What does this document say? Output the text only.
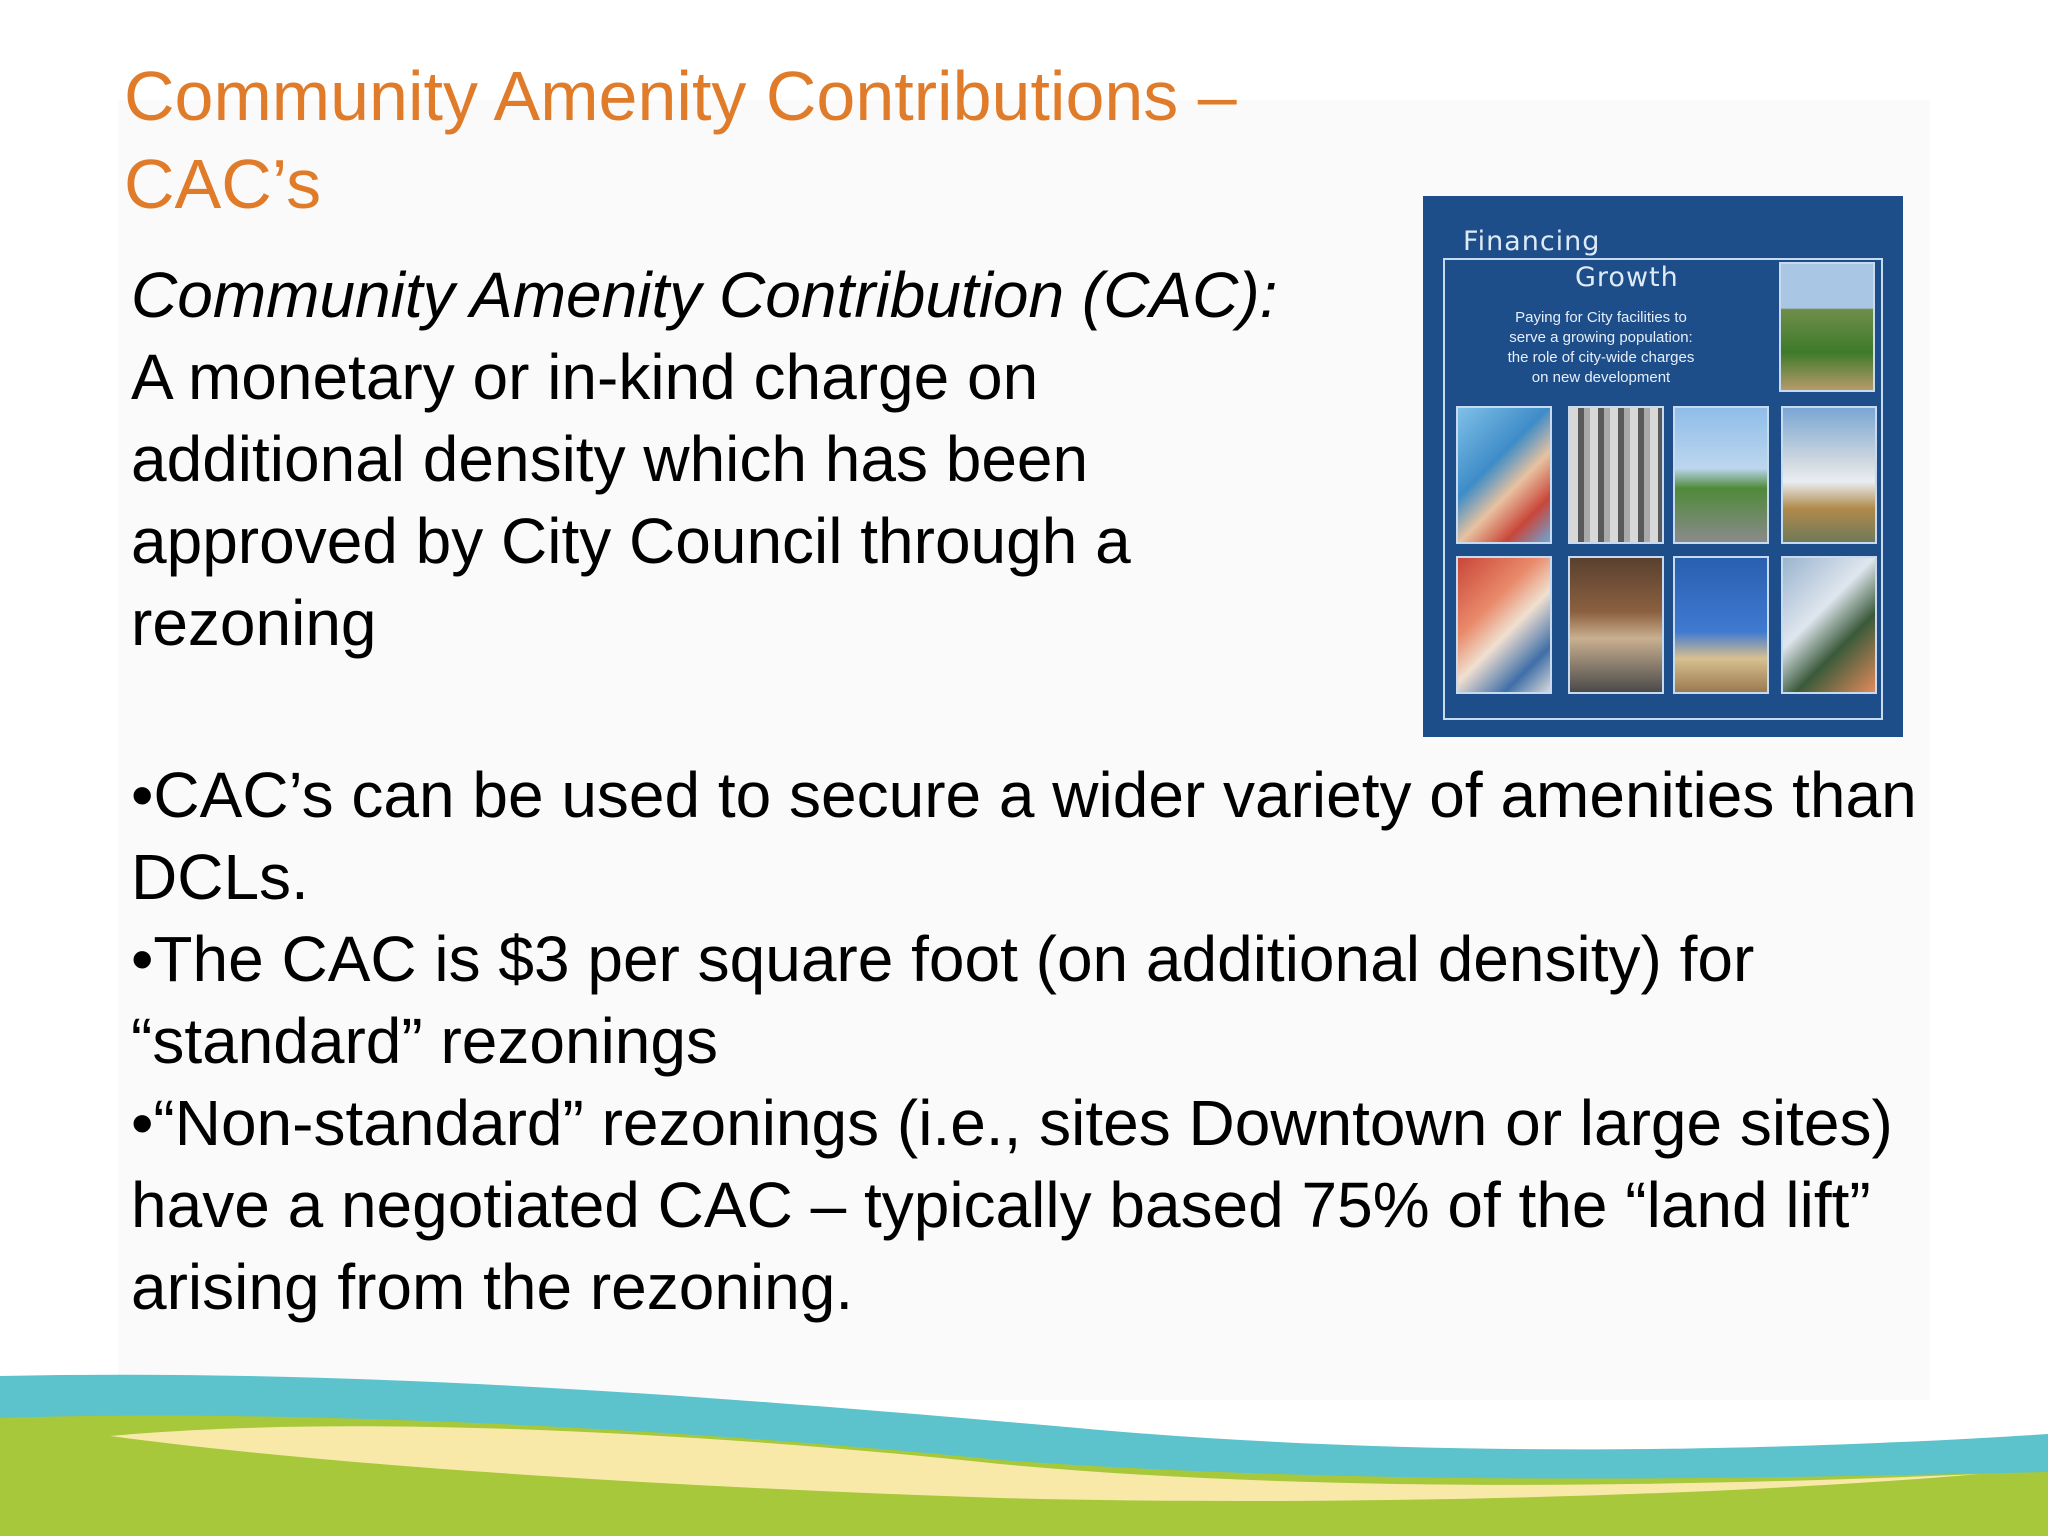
Community Amenity Contributions –
CAC’s

Community Amenity Contribution (CAC): A monetary or in-kind charge on additional density which has been approved by City Council through a rezoning

•CAC’s can be used to secure a wider variety of amenities than DCLs.
•The CAC is $3 per square foot (on additional density) for “standard” rezonings
•“Non-standard” rezonings (i.e., sites Downtown or large sites) have a negotiated CAC – typically based 75% of the “land lift” arising from the rezoning.
Financing
Growth
Paying for City facilities to
serve a growing population:
the role of city-wide charges
on new development
